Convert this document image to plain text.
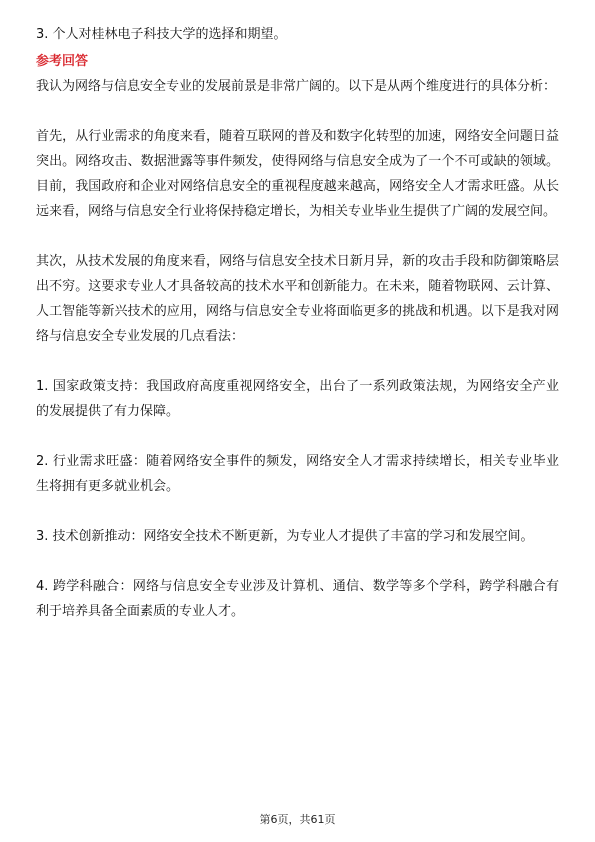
3. 个人对桂林电子科技大学的选择和期望。

参考回答

我认为网络与信息安全专业的发展前景是非常广阔的。以下是从两个维度进行的具体分析：

首先，从行业需求的角度来看，随着互联网的普及和数字化转型的加速，网络安全问题日益突出。网络攻击、数据泄露等事件频发，使得网络与信息安全成为了一个不可或缺的领域。目前，我国政府和企业对网络信息安全的重视程度越来越高，网络安全人才需求旺盛。从长远来看，网络与信息安全行业将保持稳定增长，为相关专业毕业生提供了广阔的发展空间。

其次，从技术发展的角度来看，网络与信息安全技术日新月异，新的攻击手段和防御策略层出不穷。这要求专业人才具备较高的技术水平和创新能力。在未来，随着物联网、云计算、人工智能等新兴技术的应用，网络与信息安全专业将面临更多的挑战和机遇。以下是我对网络与信息安全专业发展的几点看法：

1. 国家政策支持：我国政府高度重视网络安全，出台了一系列政策法规，为网络安全产业的发展提供了有力保障。

2. 行业需求旺盛：随着网络安全事件的频发，网络安全人才需求持续增长，相关专业毕业生将拥有更多就业机会。

3. 技术创新推动：网络安全技术不断更新，为专业人才提供了丰富的学习和发展空间。

4. 跨学科融合：网络与信息安全专业涉及计算机、通信、数学等多个学科，跨学科融合有利于培养具备全面素质的专业人才。

第6页，共61页
